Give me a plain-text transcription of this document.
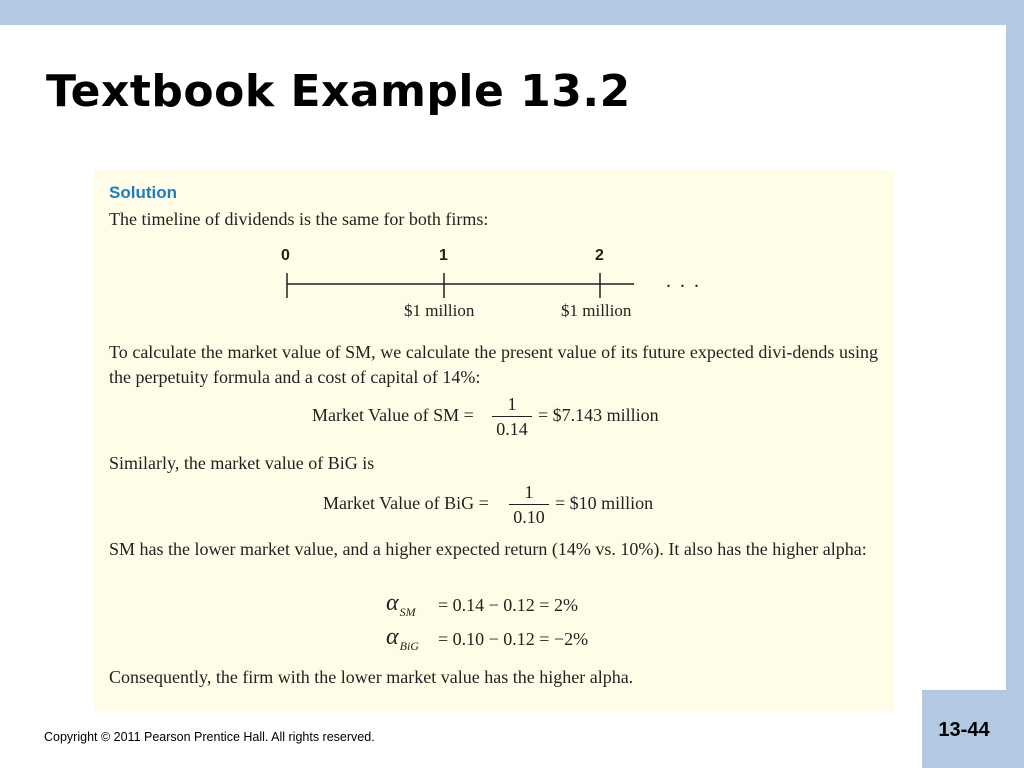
Textbook Example 13.2
Solution
The timeline of dividends is the same for both firms:
0	1	2
. . .
$1 million	$1 million
To calculate the market value of SM, we calculate the present value of its future expected divi-dends using the perpetuity formula and a cost of capital of 14%:
Market Value of SM =
1
0.14
= $7.143 million
Similarly, the market value of BiG is
Market Value of BiG =
1
0.10
= $10 million
SM has the lower market value, and a higher expected return (14% vs. 10%). It also has the higher alpha:
$\alpha_{SM} = 0.14 - 0.12 = 2\%$
$\alpha_{BiG} = 0.10 - 0.12 = -2\%$
Consequently, the firm with the lower market value has the higher alpha.
Copyright © 2011 Pearson Prentice Hall. All rights reserved.	13-44
